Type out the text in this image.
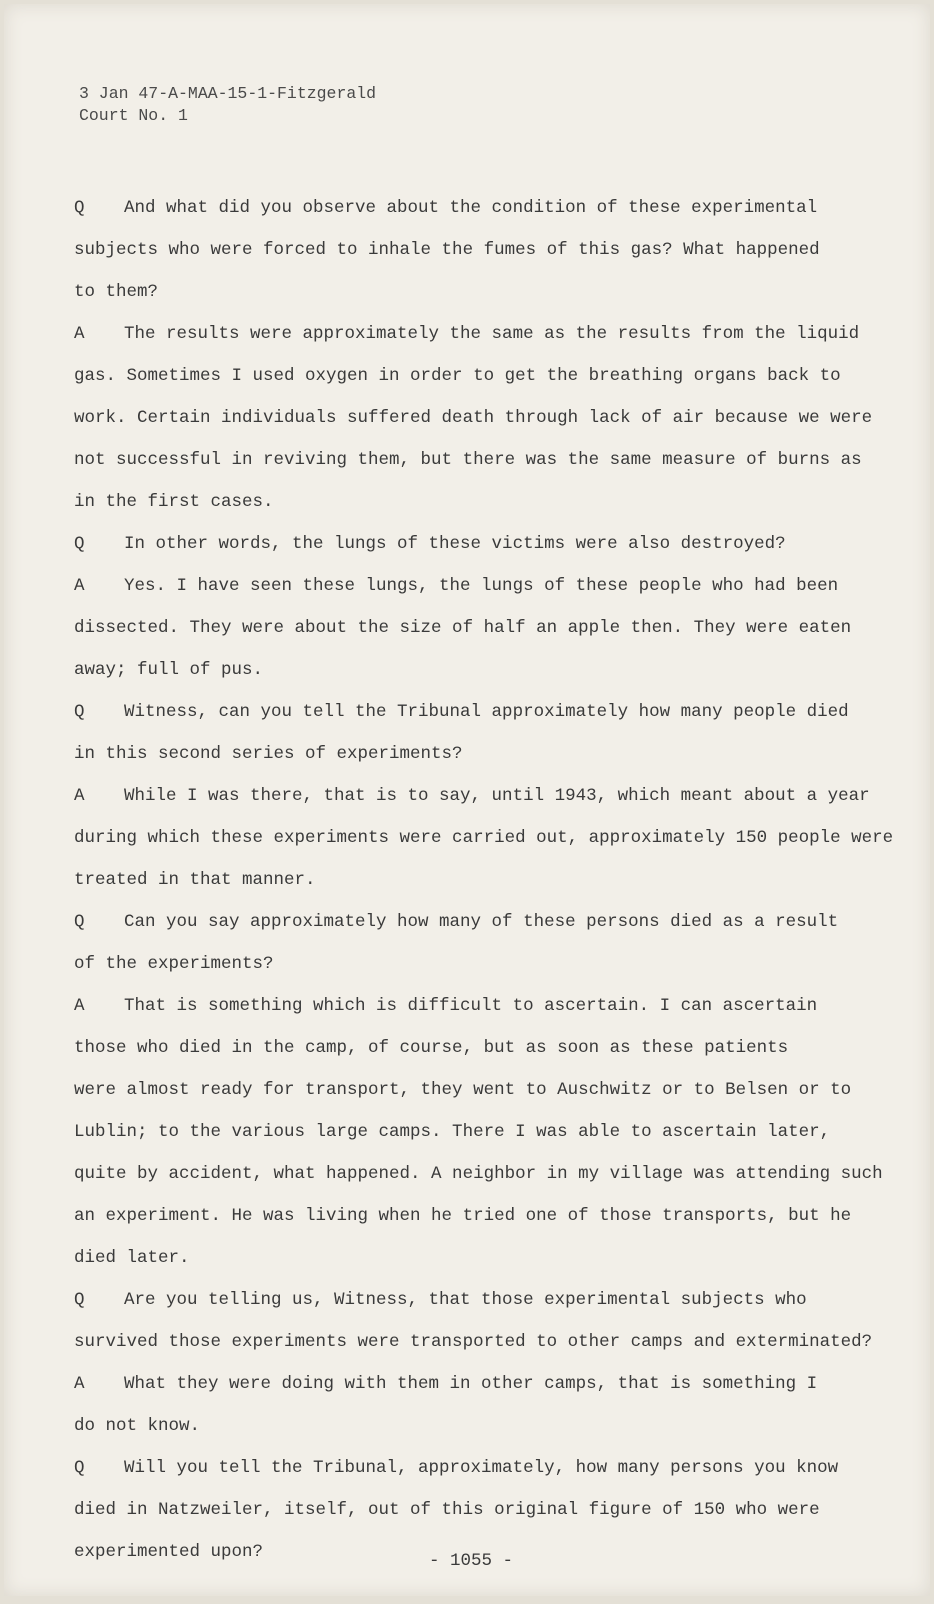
3 Jan 47-A-MAA-15-1-Fitzgerald
Court No. 1
Q And what did you observe about the condition of these experimental
subjects who were forced to inhale the fumes of this gas? What happened
to them?
A The results were approximately the same as the results from the liquid
gas. Sometimes I used oxygen in order to get the breathing organs back to
work. Certain individuals suffered death through lack of air because we were
not successful in reviving them, but there was the same measure of burns as
in the first cases.
Q In other words, the lungs of these victims were also destroyed?
A Yes. I have seen these lungs, the lungs of these people who had been
dissected. They were about the size of half an apple then. They were eaten
away; full of pus.
Q Witness, can you tell the Tribunal approximately how many people died
in this second series of experiments?
A While I was there, that is to say, until 1943, which meant about a year
during which these experiments were carried out, approximately 150 people were
treated in that manner.
Q Can you say approximately how many of these persons died as a result
of the experiments?
A That is something which is difficult to ascertain. I can ascertain
those who died in the camp, of course, but as soon as these patients
were almost ready for transport, they went to Auschwitz or to Belsen or to
Lublin; to the various large camps. There I was able to ascertain later,
quite by accident, what happened. A neighbor in my village was attending such
an experiment. He was living when he tried one of those transports, but he
died later.
Q Are you telling us, Witness, that those experimental subjects who
survived those experiments were transported to other camps and exterminated?
A What they were doing with them in other camps, that is something I
do not know.
Q Will you tell the Tribunal, approximately, how many persons you know
died in Natzweiler, itself, out of this original figure of 150 who were
experimented upon?	- 1055 -
